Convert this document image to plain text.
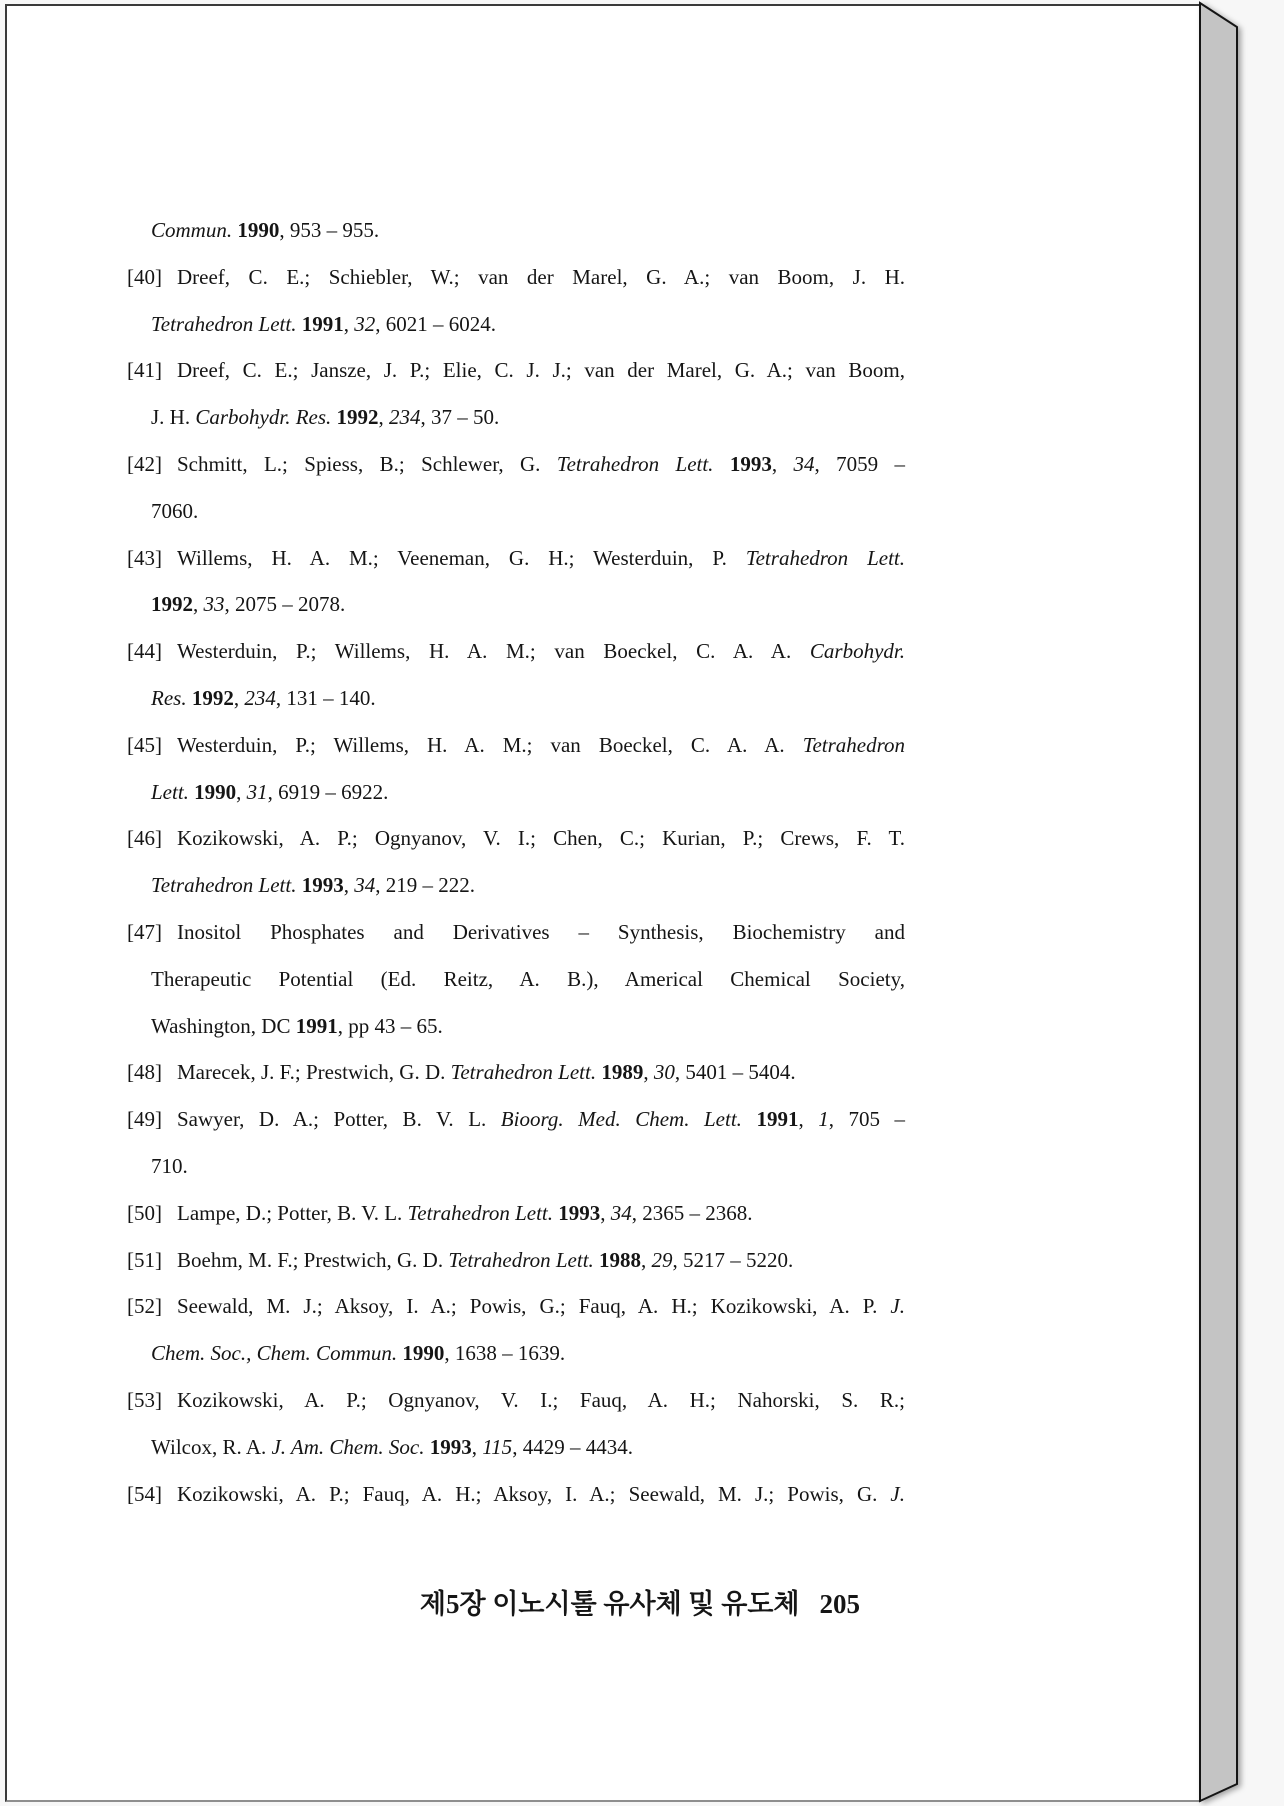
Commun. 1990, 953 – 955.
[40] Dreef, C. E.; Schiebler, W.; van der Marel, G. A.; van Boom, J. H.
Tetrahedron Lett. 1991, 32, 6021 – 6024.
[41] Dreef, C. E.; Jansze, J. P.; Elie, C. J. J.; van der Marel, G. A.; van Boom,
J. H. Carbohydr. Res. 1992, 234, 37 – 50.
[42] Schmitt, L.; Spiess, B.; Schlewer, G. Tetrahedron Lett. 1993, 34, 7059 –
7060.
[43] Willems, H. A. M.; Veeneman, G. H.; Westerduin, P. Tetrahedron Lett.
1992, 33, 2075 – 2078.
[44] Westerduin, P.; Willems, H. A. M.; van Boeckel, C. A. A. Carbohydr.
Res. 1992, 234, 131 – 140.
[45] Westerduin, P.; Willems, H. A. M.; van Boeckel, C. A. A. Tetrahedron
Lett. 1990, 31, 6919 – 6922.
[46] Kozikowski, A. P.; Ognyanov, V. I.; Chen, C.; Kurian, P.; Crews, F. T.
Tetrahedron Lett. 1993, 34, 219 – 222.
[47] Inositol Phosphates and Derivatives – Synthesis, Biochemistry and
Therapeutic Potential (Ed. Reitz, A. B.), Americal Chemical Society,
Washington, DC 1991, pp 43 – 65.
[48] Marecek, J. F.; Prestwich, G. D. Tetrahedron Lett. 1989, 30, 5401 – 5404.
[49] Sawyer, D. A.; Potter, B. V. L. Bioorg. Med. Chem. Lett. 1991, 1, 705 –
710.
[50] Lampe, D.; Potter, B. V. L. Tetrahedron Lett. 1993, 34, 2365 – 2368.
[51] Boehm, M. F.; Prestwich, G. D. Tetrahedron Lett. 1988, 29, 5217 – 5220.
[52] Seewald, M. J.; Aksoy, I. A.; Powis, G.; Fauq, A. H.; Kozikowski, A. P. J.
Chem. Soc., Chem. Commun. 1990, 1638 – 1639.
[53] Kozikowski, A. P.; Ognyanov, V. I.; Fauq, A. H.; Nahorski, S. R.;
Wilcox, R. A. J. Am. Chem. Soc. 1993, 115, 4429 – 4434.
[54] Kozikowski, A. P.; Fauq, A. H.; Aksoy, I. A.; Seewald, M. J.; Powis, G. J.
제5장 이노시톨 유사체 및 유도체 205
